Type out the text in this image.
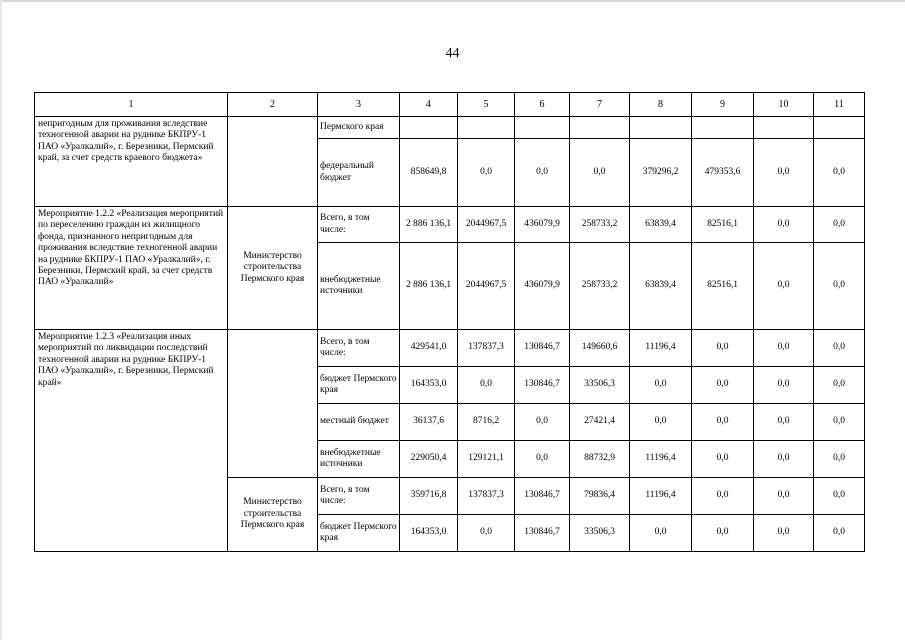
44
1	2	3	4	5	6	7	8	9	10	11
непригодным для проживания вследствие техногенной аварии на руднике БКПРУ-1 ПАО «Уралкалий», г. Березники, Пермский край, за счет средств краевого бюджета»		Пермского края								
		федеральный бюджет	858649,8	0,0	0,0	0,0	379296,2	479353,6	0,0	0,0
Мероприятие 1.2.2 «Реализация мероприятий по переселению граждан из жилищного фонда, признанного непригодным для проживания вследствие техногенной аварии на руднике БКПРУ-1 ПАО «Уралкалий», г. Березники, Пермский край, за счет средств ПАО «Уралкалий»	Министерство строительства Пермского края	Всего, в том числе:	2 886 136,1	2044967,5	436079,9	258733,2	63839,4	82516,1	0,0	0,0
		внебюджетные источники	2 886 136,1	2044967,5	436079,9	258733,2	63839,4	82516,1	0,0	0,0
Мероприятие 1.2.3 «Реализация иных мероприятий по ликвидации последствий техногенной аварии на руднике БКПРУ-1 ПАО «Уралкалий», г. Березники, Пермский край»		Всего, в том числе:	429541,0	137837,3	130846,7	149660,6	11196,4	0,0	0,0	0,0
		бюджет Пермского края	164353,0	0,0	130846,7	33506,3	0,0	0,0	0,0	0,0
		местный бюджет	36137,6	8716,2	0,0	27421,4	0,0	0,0	0,0	0,0
		внебюджетные источники	229050,4	129121,1	0,0	88732,9	11196,4	0,0	0,0	0,0
	Министерство строительства Пермского края	Всего, в том числе:	359716,8	137837,3	130846,7	79836,4	11196,4	0,0	0,0	0,0
		бюджет Пермского края	164353,0	0,0	130846,7	33506,3	0,0	0,0	0,0	0,0
